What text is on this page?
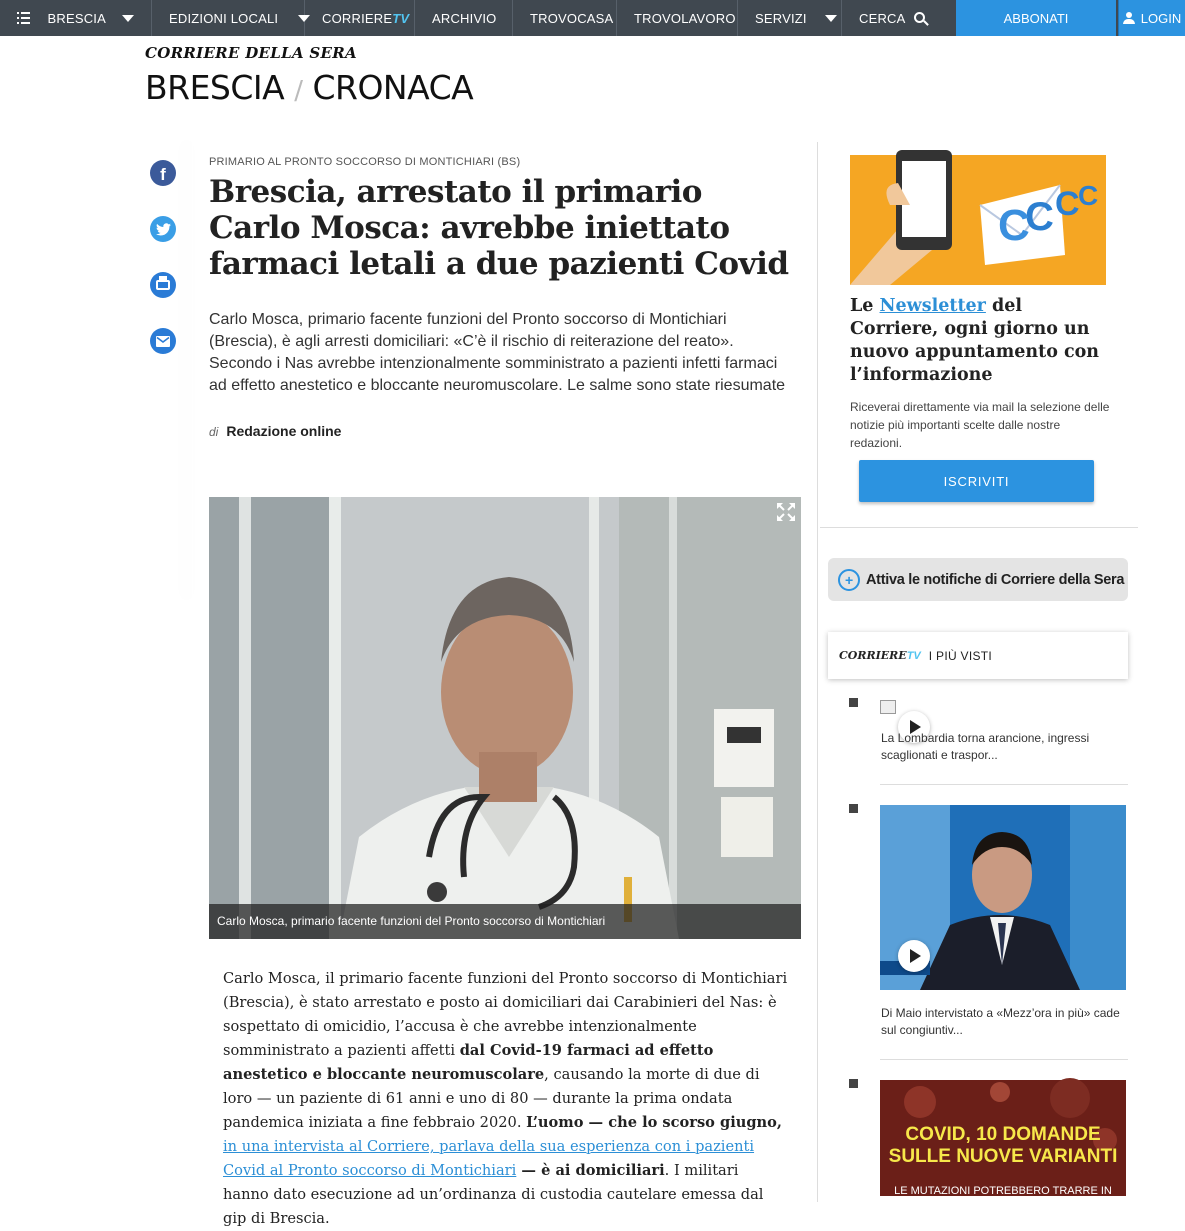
BRESCIA	EDIZIONI LOCALI	CORRIERE TV ARCHIVIO	TROVOCASA TROVOLAVORO SERVIZI	CERCA	ABBONATI	LOGIN
CORRIERE DELLA SERA
BRESCIA / CRONACA
f
PRIMARIO AL PRONTO SOCCORSO DI MONTICHIARI (BS)
Brescia, arrestato il primario Carlo Mosca: avrebbe iniettato farmaci letali a due pazienti Covid

Carlo Mosca, primario facente funzioni del Pronto soccorso di Montichiari (Brescia), è agli arresti domiciliari: «C’è il rischio di reiterazione del reato». Secondo i Nas avrebbe intenzionalmente somministrato a pazienti infetti farmaci ad effetto anestetico e bloccante neuromuscolare. Le salme sono state riesumate

di Redazione online
Carlo Mosca, primario facente funzioni del Pronto soccorso di Montichiari
Carlo Mosca, il primario facente funzioni del Pronto soccorso di Montichiari (Brescia), è stato arrestato e posto ai domiciliari dai Carabinieri del Nas: è sospettato di omicidio, l’accusa è che avrebbe intenzionalmente somministrato a pazienti affetti dal Covid-19 farmaci ad effetto anestetico e bloccante neuromuscolare, causando la morte di due di loro — un paziente di 61 anni e uno di 80 — durante la prima ondata pandemica iniziata a fine febbraio 2020. L’uomo — che lo scorso giugno, in una intervista al Corriere, parlava della sua esperienza con i pazienti Covid al Pronto soccorso di Montichiari — è ai domiciliari. I militari hanno dato esecuzione ad un’ordinanza di custodia cautelare emessa dal gip di Brescia.
C C
C
C
Le Newsletter del Corriere, ogni giorno un nuovo appuntamento con l’informazione
Riceverai direttamente via mail la selezione delle notizie più importanti scelte dalle nostre redazioni.
ISCRIVITI
+ Attiva le notifiche di Corriere della Sera
CORRIERETV I PIÙ VISTI
La Lombardia torna arancione, ingressi scaglionati e traspor...
Di Maio intervistato a «Mezz’ora in più» cade sul congiuntiv...
COVID, 10 DOMANDE
SULLE NUOVE VARIANTI
LE MUTAZIONI POTREBBERO TRARRE IN INGANNO IL SISTEMA IMMUNITARIO
